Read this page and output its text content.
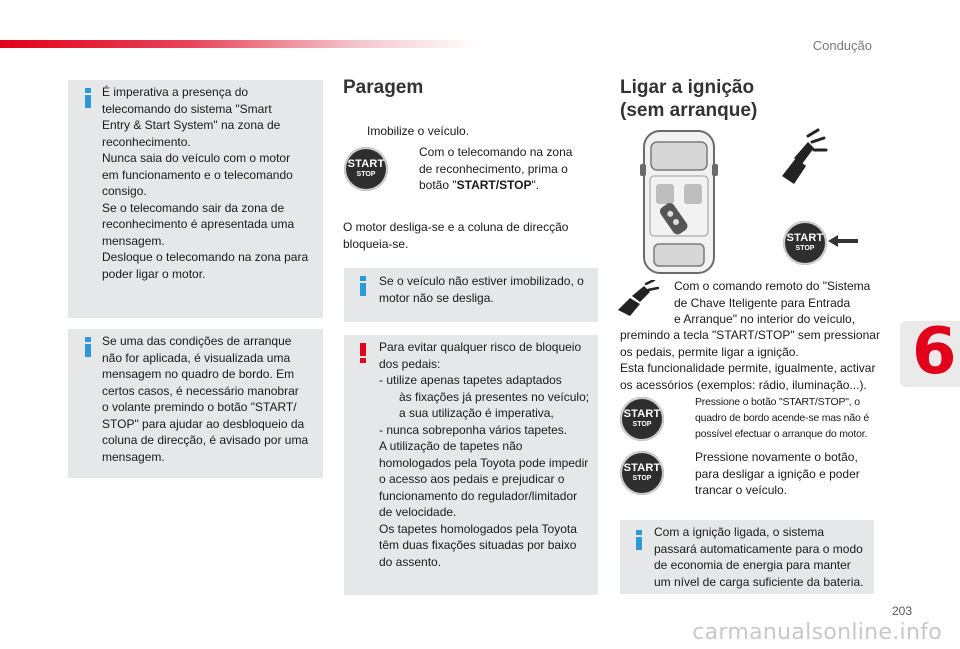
Condução
6
É imperativa a presença do
telecomando do sistema "Smart
Entry & Start System" na zona de
reconhecimento.
Nunca saia do veículo com o motor
em funcionamento e o telecomando
consigo.
Se o telecomando sair da zona de
reconhecimento é apresentada uma
mensagem.
Desloque o telecomando na zona para
poder ligar o motor.
Se uma das condições de arranque
não for aplicada, é visualizada uma
mensagem no quadro de bordo. Em
certos casos, é necessário manobrar
o volante premindo o botão "START/
STOP" para ajudar ao desbloqueio da
coluna de direcção, é avisado por uma
mensagem.
Paragem
Imobilize o veículo.
START
STOP
Com o telecomando na zona
de reconhecimento, prima o
botão "START/STOP".
O motor desliga-se e a coluna de direcção
bloqueia-se.
Se o veículo não estiver imobilizado, o
motor não se desliga.
Para evitar qualquer risco de bloqueio
dos pedais:
- utilize apenas tapetes adaptados
às fixações já presentes no veículo;
a sua utilização é imperativa,
- nunca sobreponha vários tapetes.
A utilização de tapetes não
homologados pela Toyota pode impedir
o acesso aos pedais e prejudicar o
funcionamento do regulador/limitador
de velocidade.
Os tapetes homologados pela Toyota
têm duas fixações situadas por baixo
do assento.
Ligar a ignição
(sem arranque)
START
STOP
Com o comando remoto do "Sistema
de Chave Iteligente para Entrada
e Arranque" no interior do veículo,
premindo a tecla "START/STOP" sem pressionar
os pedais, permite ligar a ignição.
Esta funcionalidade permite, igualmente, activar
os acessórios (exemplos: rádio, iluminação...).
START
STOP
Pressione o botão "START/STOP", o
quadro de bordo acende-se mas não é
possível efectuar o arranque do motor.
START
STOP
Pressione novamente o botão,
para desligar a ignição e poder
trancar o veículo.
Com a ignição ligada, o sistema
passará automaticamente para o modo
de economia de energia para manter
um nível de carga suficiente da bateria.
203
carmanualsonline.info
